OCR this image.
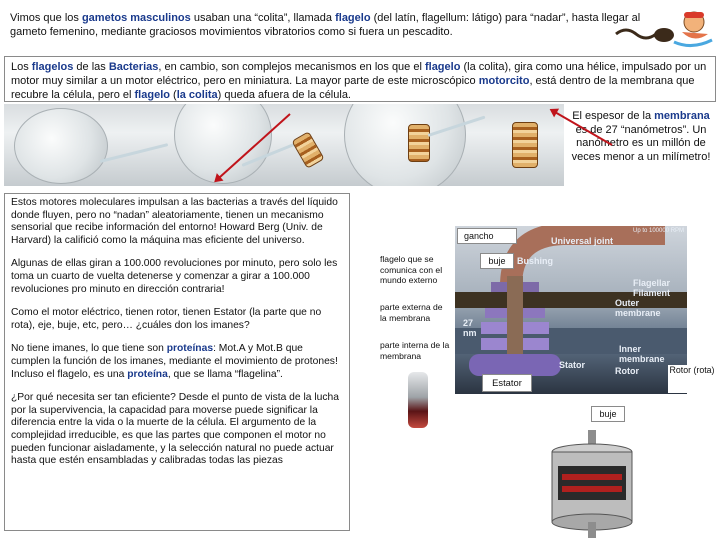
Vimos que los gametos masculinos usaban una “colita”, llamada flagelo (del latín, flagellum: látigo) para “nadar”, hasta llegar al gameto femenino, mediante graciosos movimientos vibratorios como si fuera un pescadito.
Los flagelos de las Bacterias, en cambio, son complejos mecanismos en los que el flagelo (la colita), gira como una hélice, impulsado por un motor muy similar a un motor eléctrico, pero en miniatura. La mayor parte de este microscópico motorcito, está dentro de la membrana que recubre la célula, pero el flagelo (la colita) queda afuera de la célula.
El espesor de la membrana es de 27 “nanómetros”. Un nanómetro es un millón de veces menor a un milímetro!

Estos motores moleculares impulsan a las bacterias a través del líquido donde fluyen, pero no “nadan” aleatoriamente, tienen un mecanismo sensorial que recibe información del entorno! Howard Berg (Univ. de Harvard) la califició como la máquina mas eficiente del universo.

Algunas de ellas giran a 100.000 revoluciones por minuto, pero solo les toma un cuarto de vuelta detenerse y comenzar a girar a 100.000 revoluciones pro minuto en dirección contraria!

Como el motor eléctrico, tienen rotor, tienen Estator (la parte que no rota), eje, buje, etc, pero… ¿cuáles don los imanes?

No tiene imanes, lo que tiene son proteínas: Mot.A y Mot.B que cumplen la función de los imanes, mediante el movimiento de protones! Incluso el flagelo, es una proteína, que se llama “flagelina”.

¿Por qué necesita ser tan eficiente? Desde el punto de vista de la lucha por la supervivencia, la capacidad para moverse puede significar la diferencia entre la vida o la muerte de la célula. El argumento de la complejidad irreducible, es que las partes que componen el motor no pueden funcionar aisladamente, y la selección natural no puede actuar hasta que estén ensambladas y calibradas todas las piezas

Universal joint
Bushing
Up to 100000 RPM
Flagellar Filament
Outer membrane
Inner membrane
Stator
Rotor
27 nm
gancho
flagelo que se comunica con el mundo externo
buje
parte externa de la membrana
parte interna de la membrana
Estator
Rotor (rota)
buje
